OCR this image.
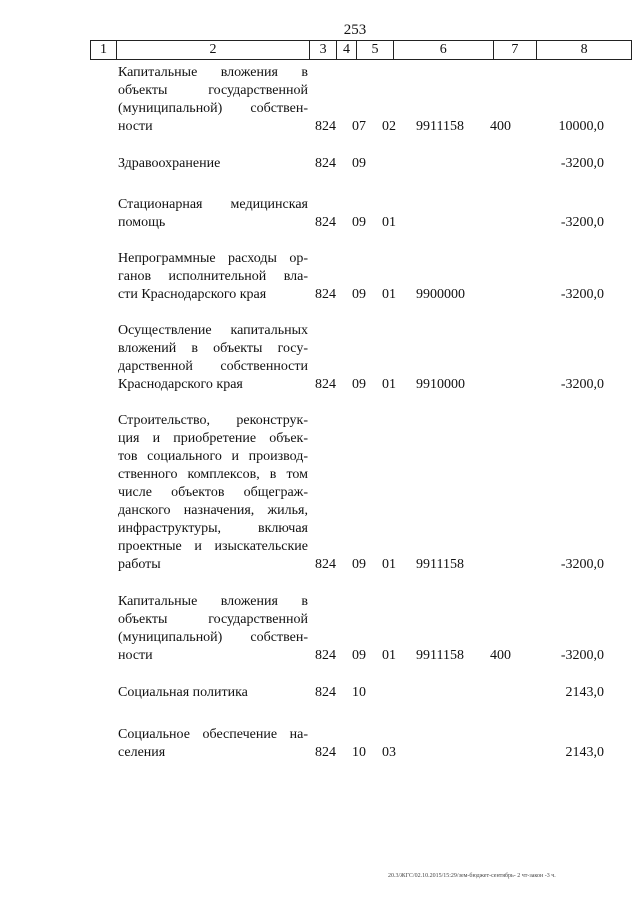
253
1	2	3	4	5	6	7	8
Капитальные вложения в
объекты государственной
(муниципальной) собствен-
ности	824 07 02 9911158 400	10000,0
Здравоохранение	824 09	-3200,0
Стационарная медицинская
помощь	824 09 01	-3200,0
Непрограммные расходы ор-
ганов исполнительной вла-
сти Краснодарского края	824 09 01 9900000	-3200,0
Осуществление капитальных
вложений в объекты госу-
дарственной собственности
Краснодарского края	824 09 01 9910000	-3200,0
Строительство, реконструк-
ция и приобретение объек-
тов социального и производ-
ственного комплексов, в том
числе объектов общеграж-
данского назначения, жилья,
инфраструктуры, включая
проектные и изыскательские
работы	824 09 01 9911158	-3200,0
Капитальные вложения в
объекты государственной
(муниципальной) собствен-
ности	824 09 01 9911158 400	-3200,0
Социальная политика	824 10	2143,0
Социальное обеспечение на-
селения	824 10 03	2143,0
20.3/ЖГС/02.10.2015/15:29/зем-бюджет-сентябрь- 2 чт-закон -3 ч.
